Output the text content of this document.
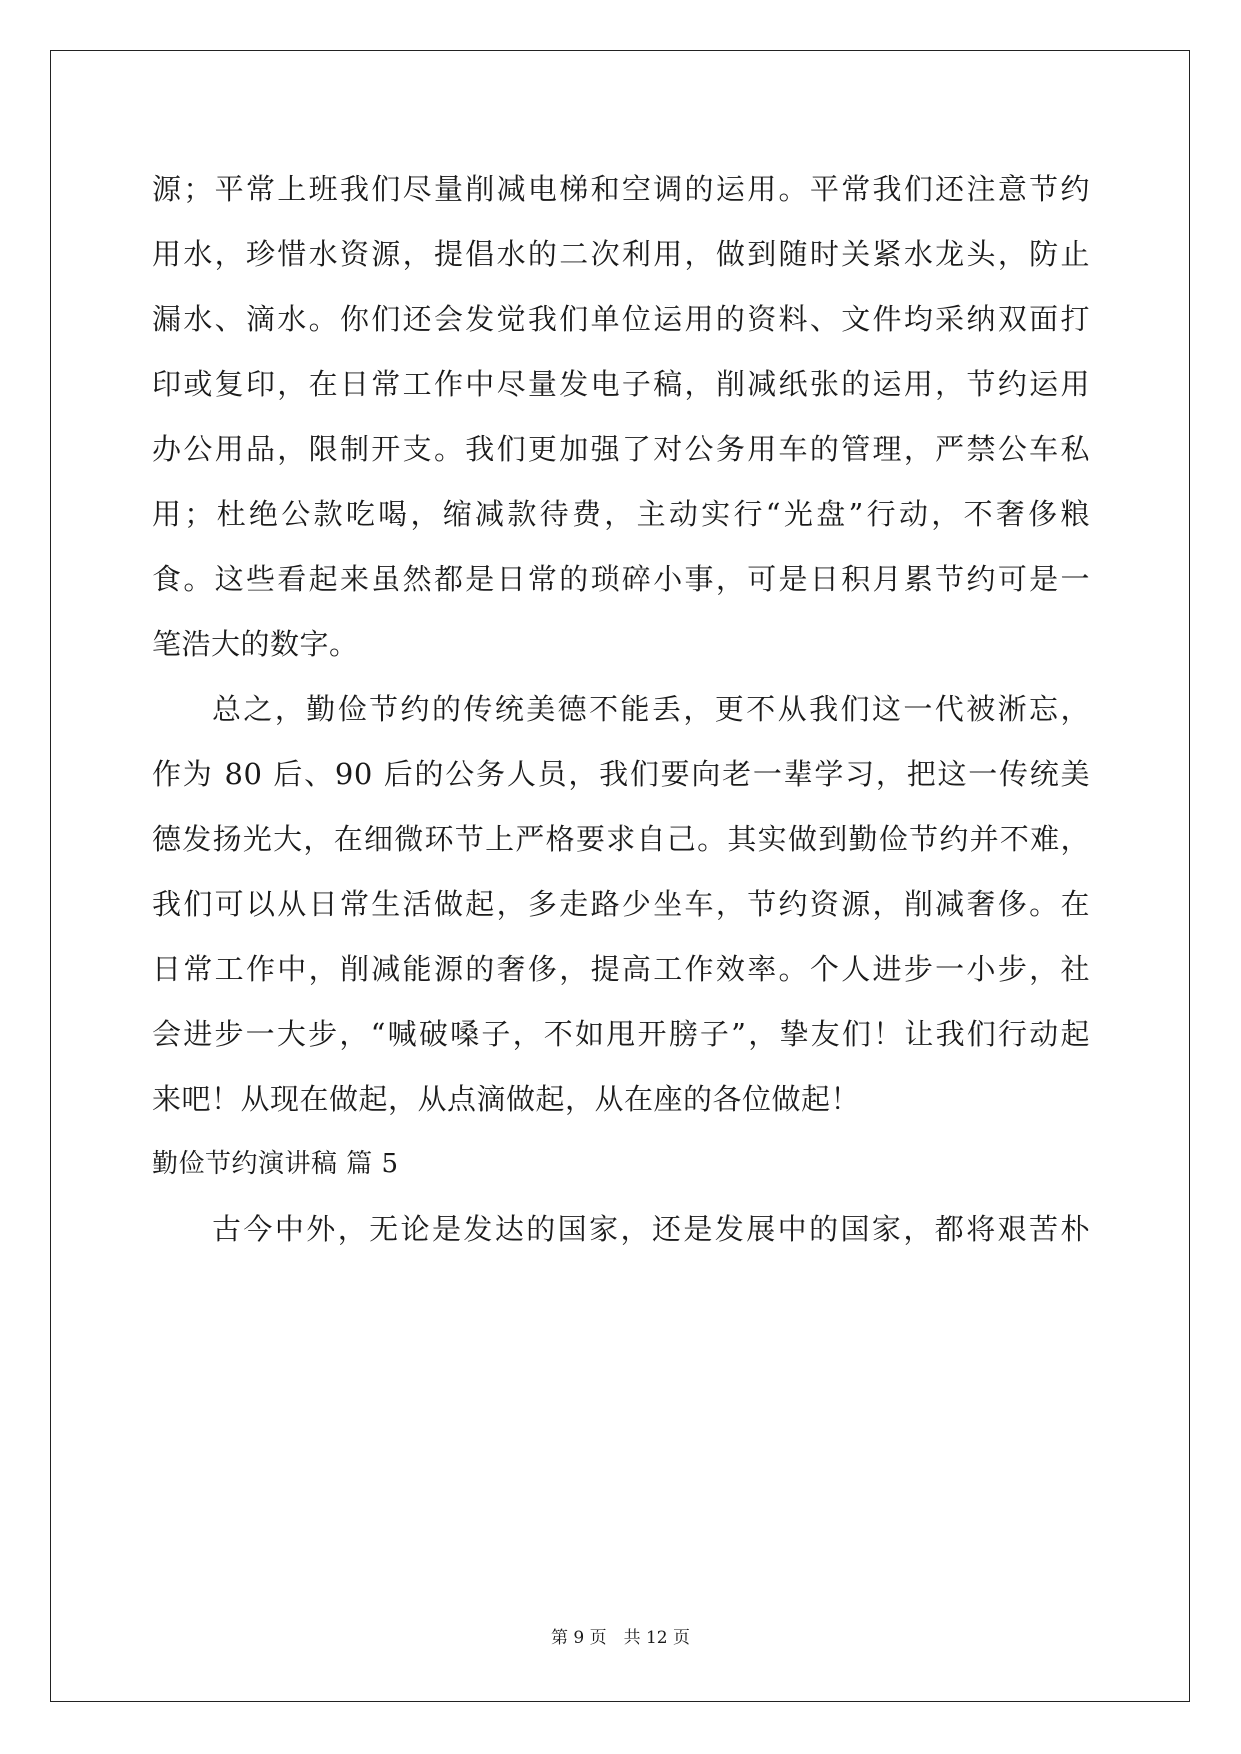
源；平常上班我们尽量削减电梯和空调的运用。平常我们还注意节约
用水，珍惜水资源，提倡水的二次利用，做到随时关紧水龙头，防止
漏水、滴水。你们还会发觉我们单位运用的资料、文件均采纳双面打
印或复印，在日常工作中尽量发电子稿，削减纸张的运用，节约运用
办公用品，限制开支。我们更加强了对公务用车的管理，严禁公车私
用；杜绝公款吃喝，缩减款待费，主动实行“光盘”行动，不奢侈粮
食。这些看起来虽然都是日常的琐碎小事，可是日积月累节约可是一
笔浩大的数字。
总之，勤俭节约的传统美德不能丢，更不从我们这一代被淅忘，
作为 80 后、90 后的公务人员，我们要向老一辈学习，把这一传统美
德发扬光大，在细微环节上严格要求自己。其实做到勤俭节约并不难，
我们可以从日常生活做起，多走路少坐车，节约资源，削减奢侈。在
日常工作中，削减能源的奢侈，提高工作效率。个人进步一小步，社
会进步一大步，“喊破嗓子，不如甩开膀子”，挚友们！让我们行动起
来吧！从现在做起，从点滴做起，从在座的各位做起！
勤俭节约演讲稿 篇 5
古今中外，无论是发达的国家，还是发展中的国家，都将艰苦朴
第 9 页　共 12 页
